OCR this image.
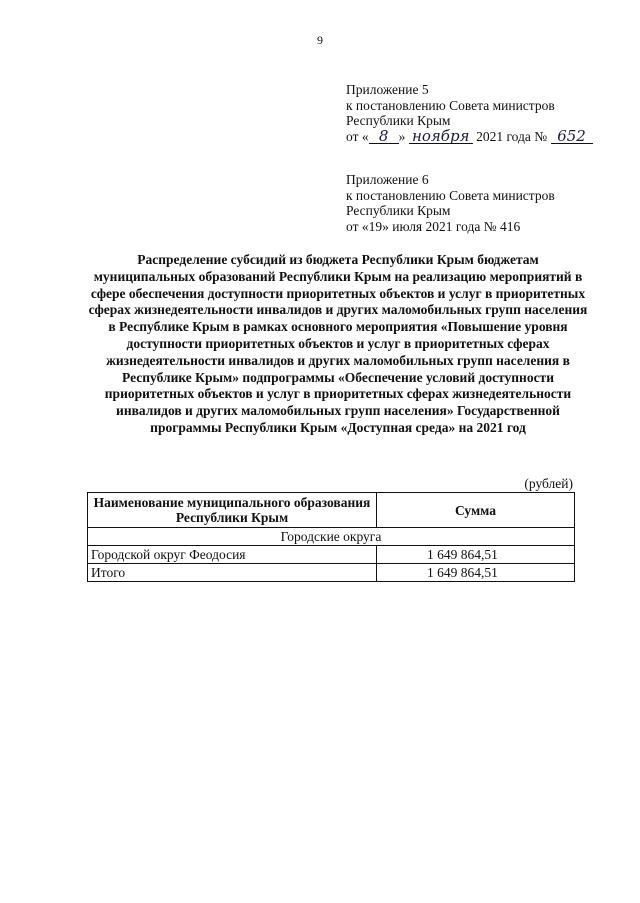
9
Приложение 5
к постановлению Совета министров
Республики Крым
от « 8 » ноября 2021 года № 652
Приложение 6
к постановлению Совета министров
Республики Крым
от «19» июля 2021 года № 416
Распределение субсидий из бюджета Республики Крым бюджетам муниципальных образований Республики Крым на реализацию мероприятий в сфере обеспечения доступности приоритетных объектов и услуг в приоритетных сферах жизнедеятельности инвалидов и других маломобильных групп населения в Республике Крым в рамках основного мероприятия «Повышение уровня доступности приоритетных объектов и услуг в приоритетных сферах жизнедеятельности инвалидов и других маломобильных групп населения в Республике Крым» подпрограммы «Обеспечение условий доступности приоритетных объектов и услуг в приоритетных сферах жизнедеятельности инвалидов и других маломобильных групп населения» Государственной программы Республики Крым «Доступная среда» на 2021 год
(рублей)
Наименование муниципального образования Республики Крым	Сумма
Городские округа	
Городской округ Феодосия	1 649 864,51
Итого	1 649 864,51
